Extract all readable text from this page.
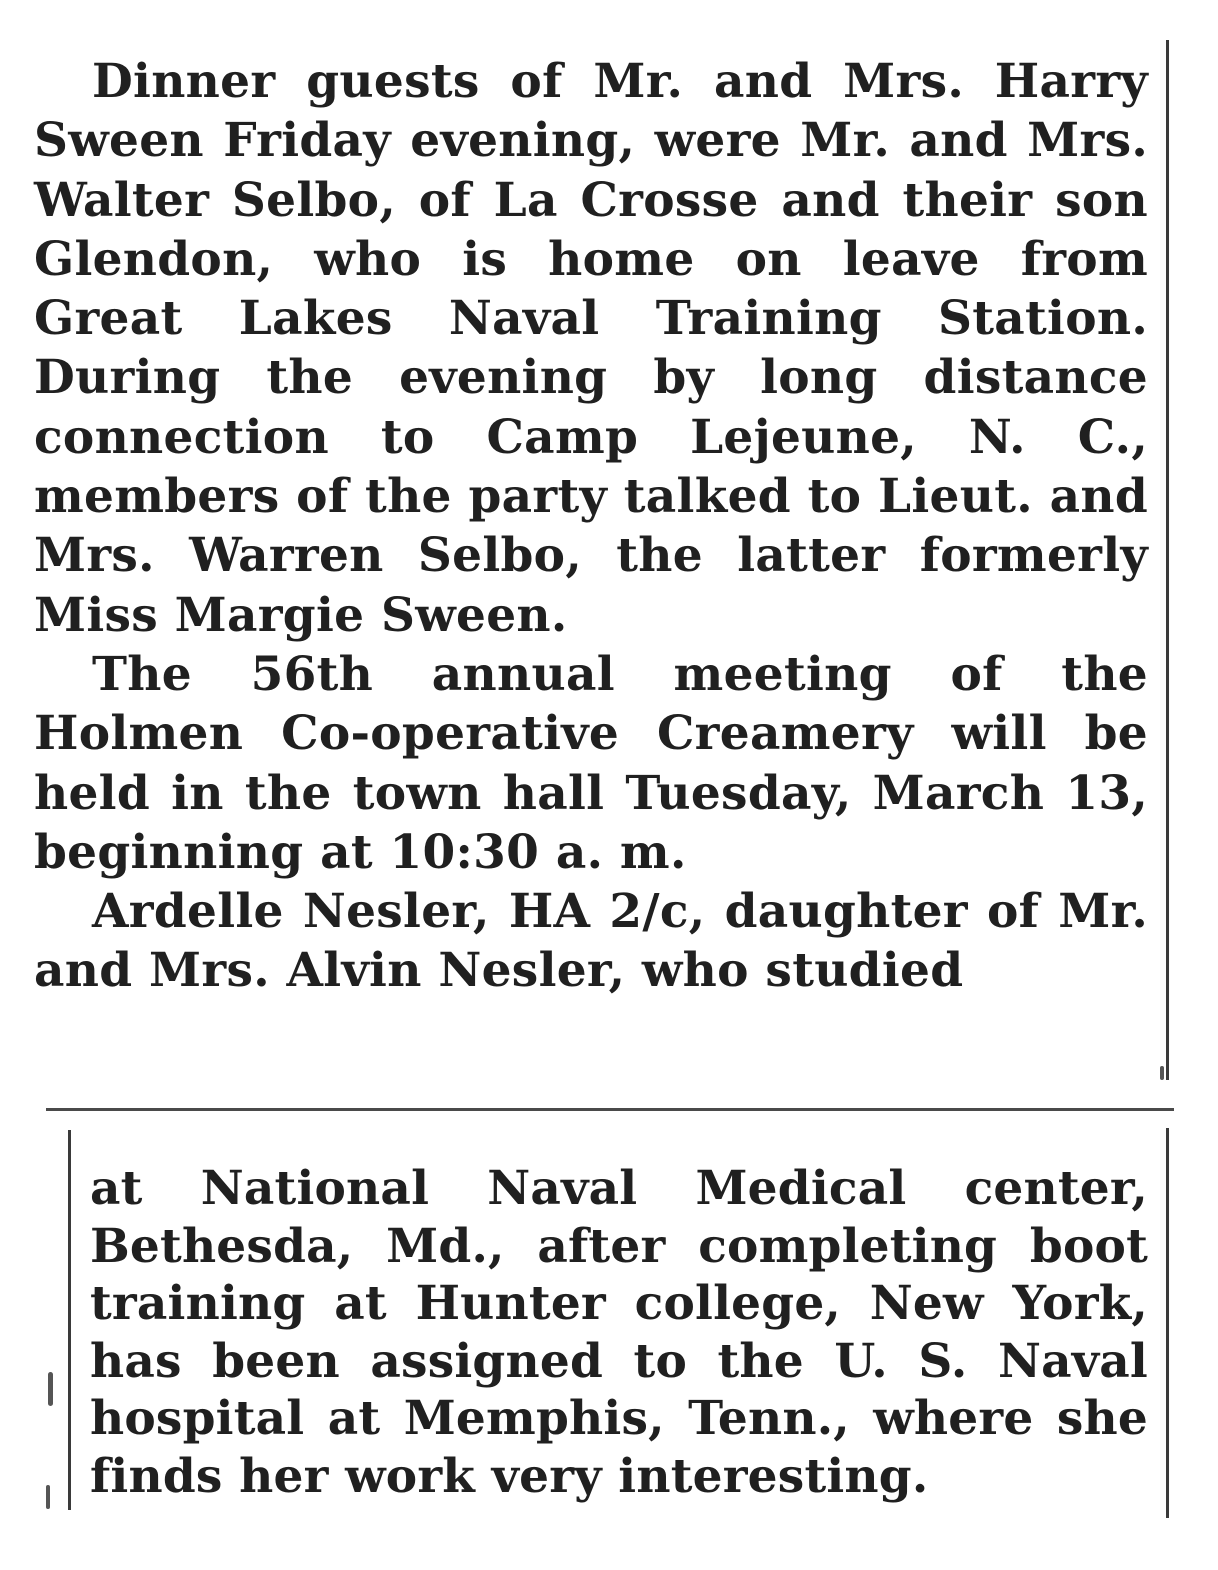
Dinner guests of Mr. and Mrs. Harry Sween Friday evening, were Mr. and Mrs. Walter Selbo, of La Crosse and their son Glendon, who is home on leave from Great Lakes Naval Training Station. During the evening by long distance connection to Camp Lejeune, N. C., members of the party talked to Lieut. and Mrs. Warren Selbo, the latter formerly Miss Margie Sween.

The 56th annual meeting of the Holmen Co-operative Creamery will be held in the town hall Tuesday, March 13, beginning at 10:30 a. m.

Ardelle Nesler, HA 2/c, daughter of Mr. and Mrs. Alvin Nesler, who studied

at National Naval Medical center, Bethesda, Md., after completing boot training at Hunter college, New York, has been assigned to the U. S. Naval hospital at Memphis, Tenn., where she finds her work very interesting.
